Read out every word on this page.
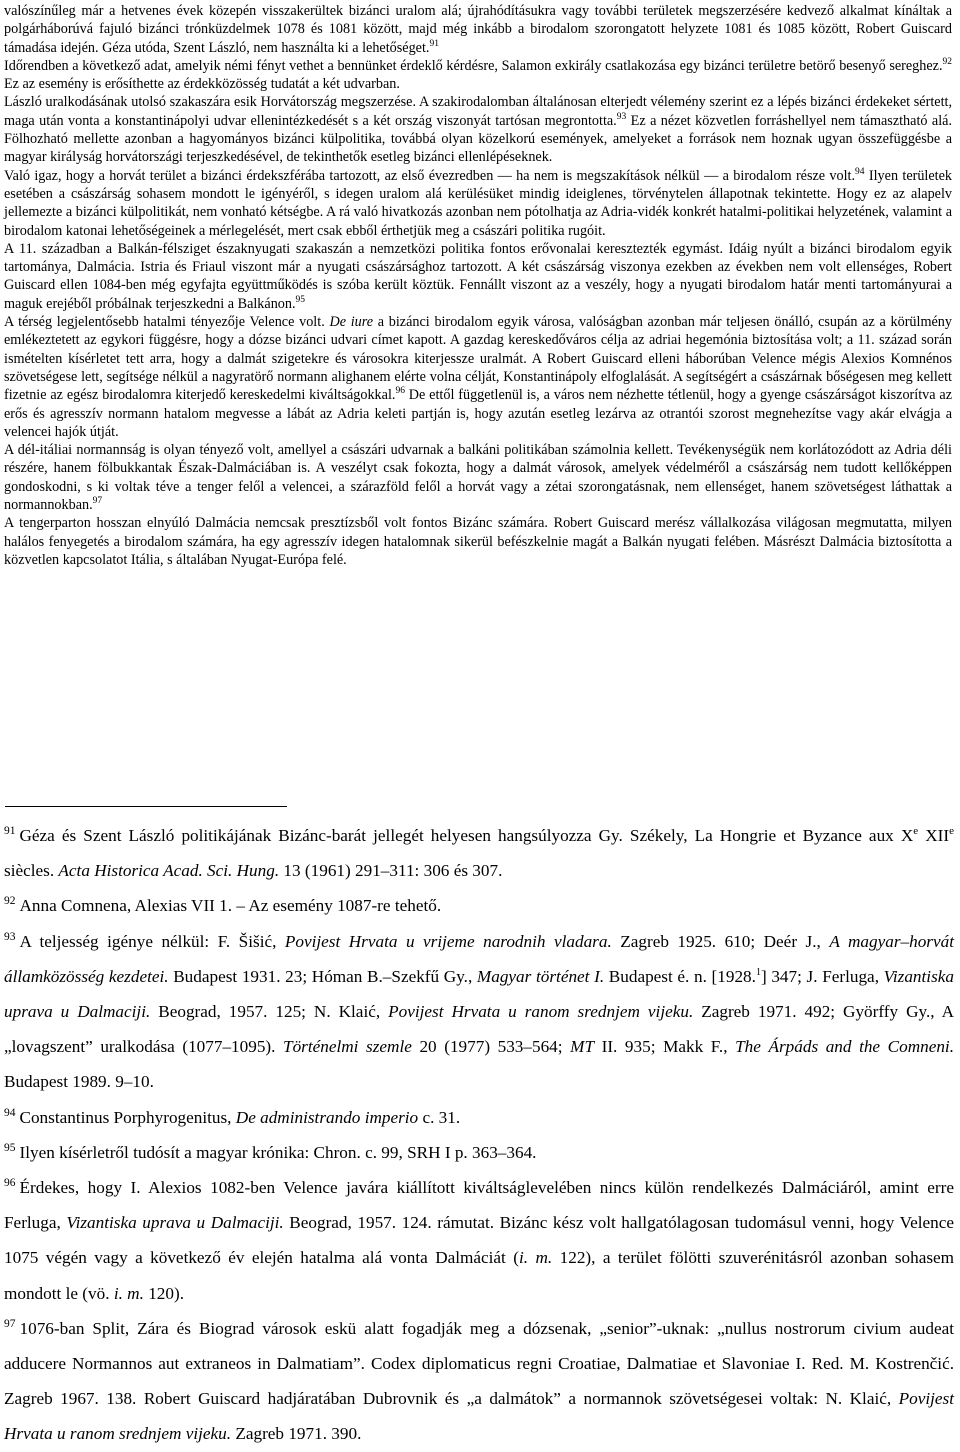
valószínűleg már a hetvenes évek közepén visszakerültek bizánci uralom alá; újrahódításukra vagy további területek megszerzésére kedvező alkalmat kínáltak a polgárháborúvá fajuló bizánci trónküzdelmek 1078 és 1081 között, majd még inkább a birodalom szorongatott helyzete 1081 és 1085 között, Robert Guiscard támadása idején. Géza utóda, Szent László, nem használta ki a lehetőséget.$^{91}$

Időrendben a következő adat, amelyik némi fényt vethet a bennünket érdeklő kérdésre, Salamon exkirály csatlakozása egy bizánci területre betörő besenyő sereghez.$^{92}$ Ez az esemény is erősíthette az érdekközösség tudatát a két udvarban.

László uralkodásának utolsó szakaszára esik Horvátország megszerzése. A szakirodalomban általánosan elterjedt vélemény szerint ez a lépés bizánci érdekeket sértett, maga után vonta a konstantinápolyi udvar ellenintézkedését s a két ország viszonyát tartósan megrontotta.$^{93}$ Ez a nézet közvetlen forráshellyel nem támasztható alá. Fölhozható mellette azonban a hagyományos bizánci külpolitika, továbbá olyan közelkorú események, amelyeket a források nem hoznak ugyan összefüggésbe a magyar királyság horvátországi terjeszkedésével, de tekinthetők esetleg bizánci ellenlépéseknek.

Való igaz, hogy a horvát terület a bizánci érdekszférába tartozott, az első évezredben — ha nem is megszakítások nélkül — a birodalom része volt.$^{94}$ Ilyen területek esetében a császárság sohasem mondott le igényéről, s idegen uralom alá kerülésüket mindig ideiglenes, törvénytelen állapotnak tekintette. Hogy ez az alapelv jellemezte a bizánci külpolitikát, nem vonható kétségbe. A rá való hivatkozás azonban nem pótolhatja az Adria-vidék konkrét hatalmi-politikai helyzetének, valamint a birodalom katonai lehetőségeinek a mérlegelését, mert csak ebből érthetjük meg a császári politika rugóit.

A 11. században a Balkán-félsziget északnyugati szakaszán a nemzetközi politika fontos erővonalai keresztezték egymást. Idáig nyúlt a bizánci birodalom egyik tartománya, Dalmácia. Istria és Friaul viszont már a nyugati császársághoz tartozott. A két császárság viszonya ezekben az években nem volt ellenséges, Robert Guiscard ellen 1084-ben még egyfajta együttműködés is szóba került köztük. Fennállt viszont az a veszély, hogy a nyugati birodalom határ menti tartományurai a maguk erejéből próbálnak terjeszkedni a Balkánon.$^{95}$

A térség legjelentősebb hatalmi tényezője Velence volt. De iure a bizánci birodalom egyik városa, valóságban azonban már teljesen önálló, csupán az a körülmény emlékeztetett az egykori függésre, hogy a dózse bizánci udvari címet kapott. A gazdag kereskedőváros célja az adriai hegemónia biztosítása volt; a 11. század során ismételten kísérletet tett arra, hogy a dalmát szigetekre és városokra kiterjessze uralmát. A Robert Guiscard elleni háborúban Velence mégis Alexios Komnénos szövetségese lett, segítsége nélkül a nagyratörő normann alighanem elérte volna célját, Konstantinápoly elfoglalását. A segítségért a császárnak bőségesen meg kellett fizetnie az egész birodalomra kiterjedő kereskedelmi kiváltságokkal.$^{96}$ De ettől függetlenül is, a város nem nézhette tétlenül, hogy a gyenge császárságot kiszorítva az erős és agresszív normann hatalom megvesse a lábát az Adria keleti partján is, hogy azután esetleg lezárva az otrantói szorost megnehezítse vagy akár elvágja a velencei hajók útját.

A dél-itáliai normannság is olyan tényező volt, amellyel a császári udvarnak a balkáni politikában számolnia kellett. Tevékenységük nem korlátozódott az Adria déli részére, hanem fölbukkantak Észak-Dalmáciában is. A veszélyt csak fokozta, hogy a dalmát városok, amelyek védelméről a császárság nem tudott kellőképpen gondoskodni, s ki voltak téve a tenger felől a velencei, a szárazföld felől a horvát vagy a zétai szorongatásnak, nem ellenséget, hanem szövetségest láthattak a normannokban.$^{97}$

A tengerparton hosszan elnyúló Dalmácia nemcsak presztízsből volt fontos Bizánc számára. Robert Guiscard merész vállalkozása világosan megmutatta, milyen halálos fenyegetés a birodalom számára, ha egy agresszív idegen hatalomnak sikerül befészkelnie magát a Balkán nyugati felében. Másrészt Dalmácia biztosította a közvetlen kapcsolatot Itália, s általában Nyugat-Európa felé.

$^{91}$ Géza és Szent László politikájának Bizánc-barát jellegét helyesen hangsúlyozza Gy. Székely, La Hongrie et Byzance aux Xe XIIe siècles. Acta Historica Acad. Sci. Hung. 13 (1961) 291–311: 306 és 307.

$^{92}$ Anna Comnena, Alexias VII 1. – Az esemény 1087-re tehető.

$^{93}$ A teljesség igénye nélkül: F. Šišić, Povijest Hrvata u vrijeme narodnih vladara. Zagreb 1925. 610; Deér J., A magyar–horvát államközösség kezdetei. Budapest 1931. 23; Hóman B.–Szekfű Gy., Magyar történet I. Budapest é. n. [1928.$^1$] 347; J. Ferluga, Vizantiska uprava u Dalmaciji. Beograd, 1957. 125; N. Klaić, Povijest Hrvata u ranom srednjem vijeku. Zagreb 1971. 492; Györffy Gy., A „lovagszent” uralkodása (1077–1095). Történelmi szemle 20 (1977) 533–564; MT II. 935; Makk F., The Árpáds and the Comneni. Budapest 1989. 9–10.

$^{94}$ Constantinus Porphyrogenitus, De administrando imperio c. 31.

$^{95}$ Ilyen kísérletről tudósít a magyar krónika: Chron. c. 99, SRH I p. 363–364.

$^{96}$ Érdekes, hogy I. Alexios 1082-ben Velence javára kiállított kiváltságlevelében nincs külön rendelkezés Dalmáciáról, amint erre Ferluga, Vizantiska uprava u Dalmaciji. Beograd, 1957. 124. rámutat. Bizánc kész volt hallgatólagosan tudomásul venni, hogy Velence 1075 végén vagy a következő év elején hatalma alá vonta Dalmáciát (i. m. 122), a terület fölötti szuverénitásról azonban sohasem mondott le (vö. i. m. 120).

$^{97}$ 1076-ban Split, Zára és Biograd városok eskü alatt fogadják meg a dózsenak, „senior”-uknak: „nullus nostrorum civium audeat adducere Normannos aut extraneos in Dalmatiam”. Codex diplomaticus regni Croatiae, Dalmatiae et Slavoniae I. Red. M. Kostrenčić. Zagreb 1967. 138. Robert Guiscard hadjáratában Dubrovnik és „a dalmátok” a normannok szövetségesei voltak: N. Klaić, Povijest Hrvata u ranom srednjem vijeku. Zagreb 1971. 390.
